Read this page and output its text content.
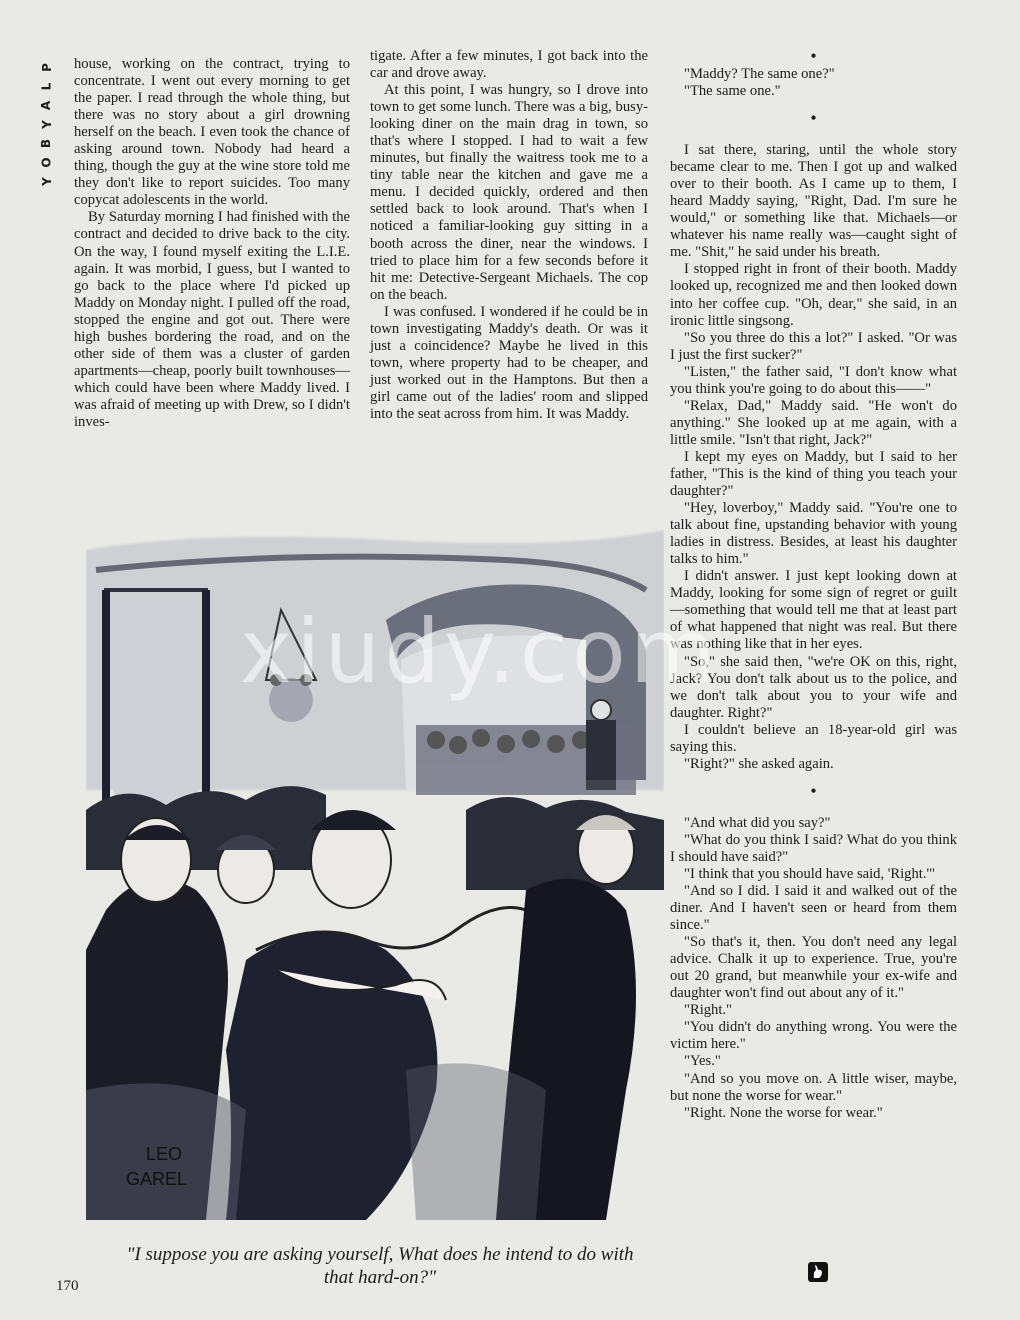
P
L
A
Y
B
O
Y

house, working on the contract, trying to concentrate. I went out every morning to get the paper. I read through the whole thing, but there was no story about a girl drowning herself on the beach. I even took the chance of asking around town. Nobody had heard a thing, though the guy at the wine store told me they don't like to report suicides. Too many copycat adolescents in the world.

By Saturday morning I had finished with the contract and decided to drive back to the city. On the way, I found myself exiting the L.I.E. again. It was morbid, I guess, but I wanted to go back to the place where I'd picked up Maddy on Monday night. I pulled off the road, stopped the engine and got out. There were high bushes bordering the road, and on the other side of them was a cluster of garden apartments—cheap, poorly built townhouses—which could have been where Maddy lived. I was afraid of meeting up with Drew, so I didn't inves-

tigate. After a few minutes, I got back into the car and drove away.

At this point, I was hungry, so I drove into town to get some lunch. There was a big, busy-looking diner on the main drag in town, so that's where I stopped. I had to wait a few minutes, but finally the waitress took me to a tiny table near the kitchen and gave me a menu. I decided quickly, ordered and then settled back to look around. That's when I noticed a familiar-looking guy sitting in a booth across the diner, near the windows. I tried to place him for a few seconds before it hit me: Detective-Sergeant Michaels. The cop on the beach.

I was confused. I wondered if he could be in town investigating Maddy's death. Or was it just a coincidence? Maybe he lived in this town, where property had to be cheaper, and just worked out in the Hamptons. But then a girl came out of the ladies' room and slipped into the seat across from him. It was Maddy.

•

"Maddy? The same one?"

"The same one."

•

I sat there, staring, until the whole story became clear to me. Then I got up and walked over to their booth. As I came up to them, I heard Maddy saying, "Right, Dad. I'm sure he would," or something like that. Michaels—or whatever his name really was—caught sight of me. "Shit," he said under his breath.

I stopped right in front of their booth. Maddy looked up, recognized me and then looked down into her coffee cup. "Oh, dear," she said, in an ironic little singsong.

"So you three do this a lot?" I asked. "Or was I just the first sucker?"

"Listen," the father said, "I don't know what you think you're going to do about this——"

"Relax, Dad," Maddy said. "He won't do anything." She looked up at me again, with a little smile. "Isn't that right, Jack?"

I kept my eyes on Maddy, but I said to her father, "This is the kind of thing you teach your daughter?"

"Hey, loverboy," Maddy said. "You're one to talk about fine, upstanding behavior with young ladies in distress. Besides, at least his daughter talks to him."

I didn't answer. I just kept looking down at Maddy, looking for some sign of regret or guilt—something that would tell me that at least part of what happened that night was real. But there was nothing like that in her eyes.

"So," she said then, "we're OK on this, right, Jack? You don't talk about us to the police, and we don't talk about you to your wife and daughter. Right?"

I couldn't believe an 18-year-old girl was saying this.

"Right?" she asked again.

•

"And what did you say?"

"What do you think I said? What do you think I should have said?"

"I think that you should have said, 'Right.'"

"And so I did. I said it and walked out of the diner. And I haven't seen or heard from them since."

"So that's it, then. You don't need any legal advice. Chalk it up to experience. True, you're out 20 grand, but meanwhile your ex-wife and daughter won't find out about any of it."

"Right."

"You didn't do anything wrong. You were the victim here."

"Yes."

"And so you move on. A little wiser, maybe, but none the worse for wear."

"Right. None the worse for wear."

LEO
GAREL
xiudy.com
"I suppose you are asking yourself, What does he intend to do with that hard-on?"
170
